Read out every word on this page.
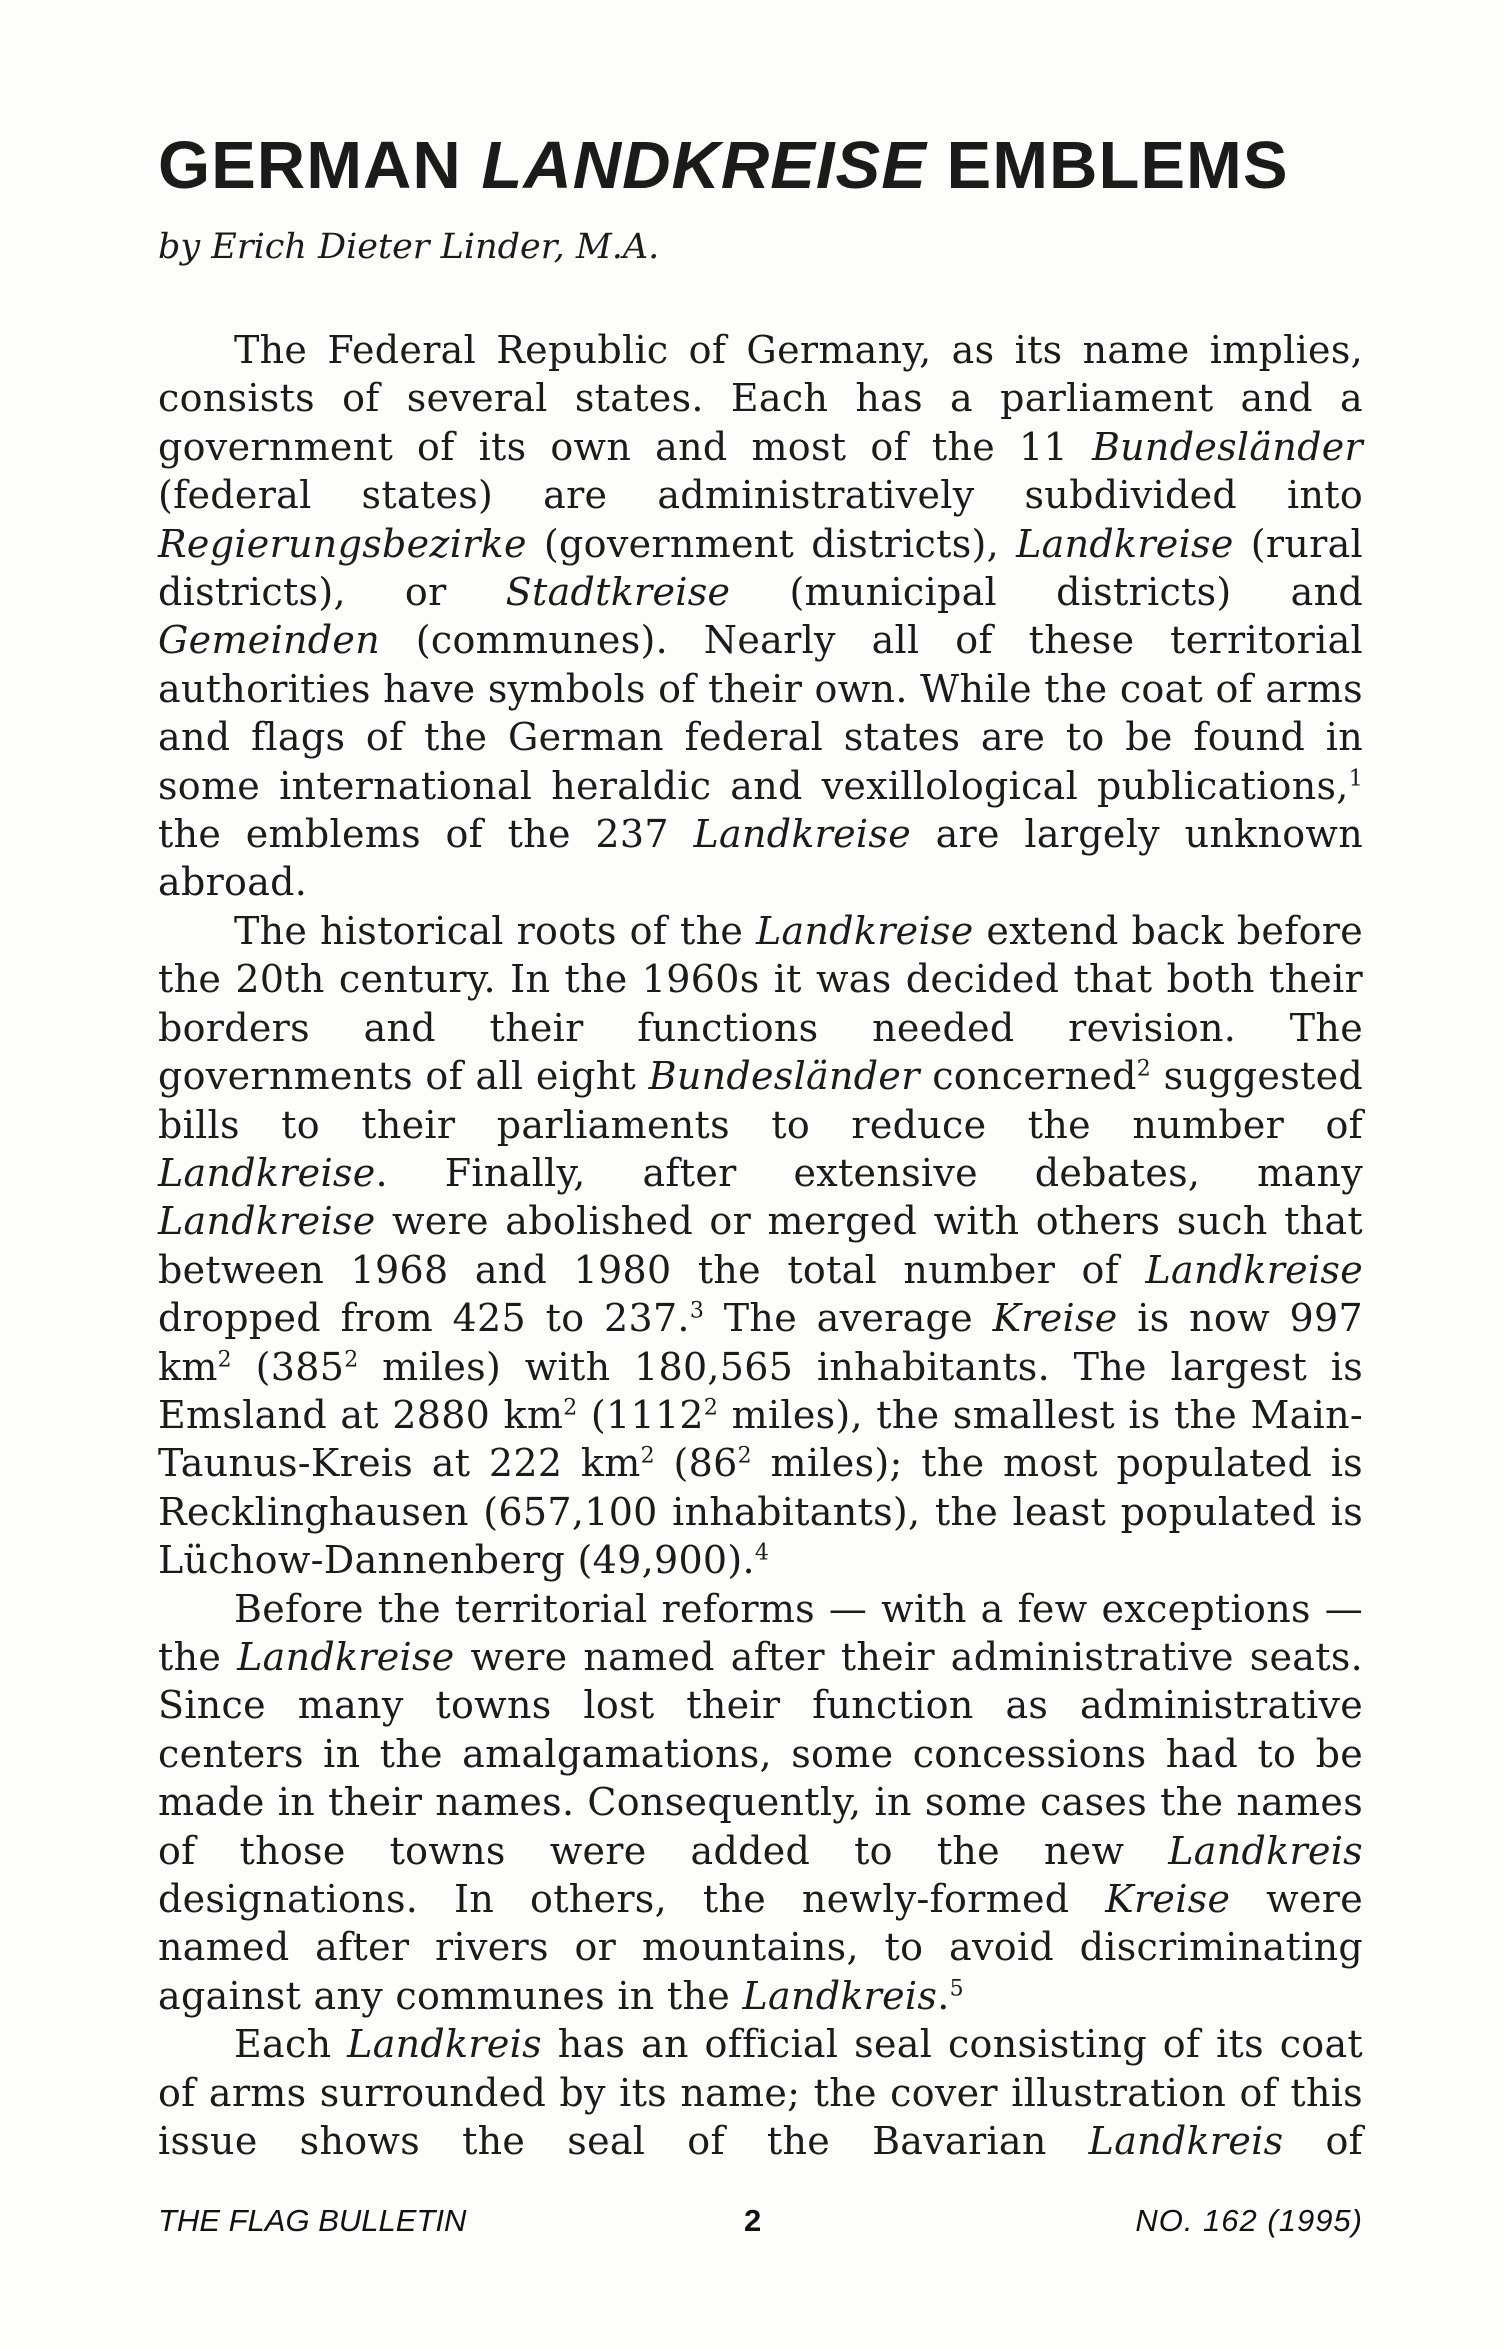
GERMAN LANDKREISE EMBLEMS

by Erich Dieter Linder, M.A.

The Federal Republic of Germany, as its name implies, consists of several states. Each has a parliament and a government of its own and most of the 11 Bundesländer (federal states) are administratively subdivided into Regierungsbezirke (government districts), Landkreise (rural districts), or Stadtkreise (municipal districts) and Gemeinden (communes). Nearly all of these territorial authorities have symbols of their own. While the coat of arms and flags of the German federal states are to be found in some international heraldic and vexillological publications,$^1$ the emblems of the 237 Landkreise are largely unknown abroad.

The historical roots of the Landkreise extend back before the 20th century. In the 1960s it was decided that both their borders and their functions needed revision. The governments of all eight Bundesländer concerned$^2$ suggested bills to their parliaments to reduce the number of Landkreise. Finally, after extensive debates, many Landkreise were abolished or merged with others such that between 1968 and 1980 the total number of Landkreise dropped from 425 to 237.$^3$ The average Kreise is now 997 $km^2$ ($385^2$ miles) with 180,565 inhabitants. The largest is Emsland at 2880 $km^2$ (1112$^2$ miles), the smallest is the Main-Taunus-Kreis at 222 $km^2$ ($86^2$ miles); the most populated is Recklinghausen (657,100 inhabitants), the least populated is Lüchow-Dannenberg (49,900).$^4$

Before the territorial reforms — with a few exceptions — the Landkreise were named after their administrative seats. Since many towns lost their function as administrative centers in the amalgamations, some concessions had to be made in their names. Consequently, in some cases the names of those towns were added to the new Landkreis designations. In others, the newly-formed Kreise were named after rivers or mountains, to avoid discriminating against any communes in the Landkreis.$^5$

Each Landkreis has an official seal consisting of its coat of arms surrounded by its name; the cover illustration of this issue shows the seal of the Bavarian Landkreis of

THE FLAG BULLETIN	2	NO. 162 (1995)
